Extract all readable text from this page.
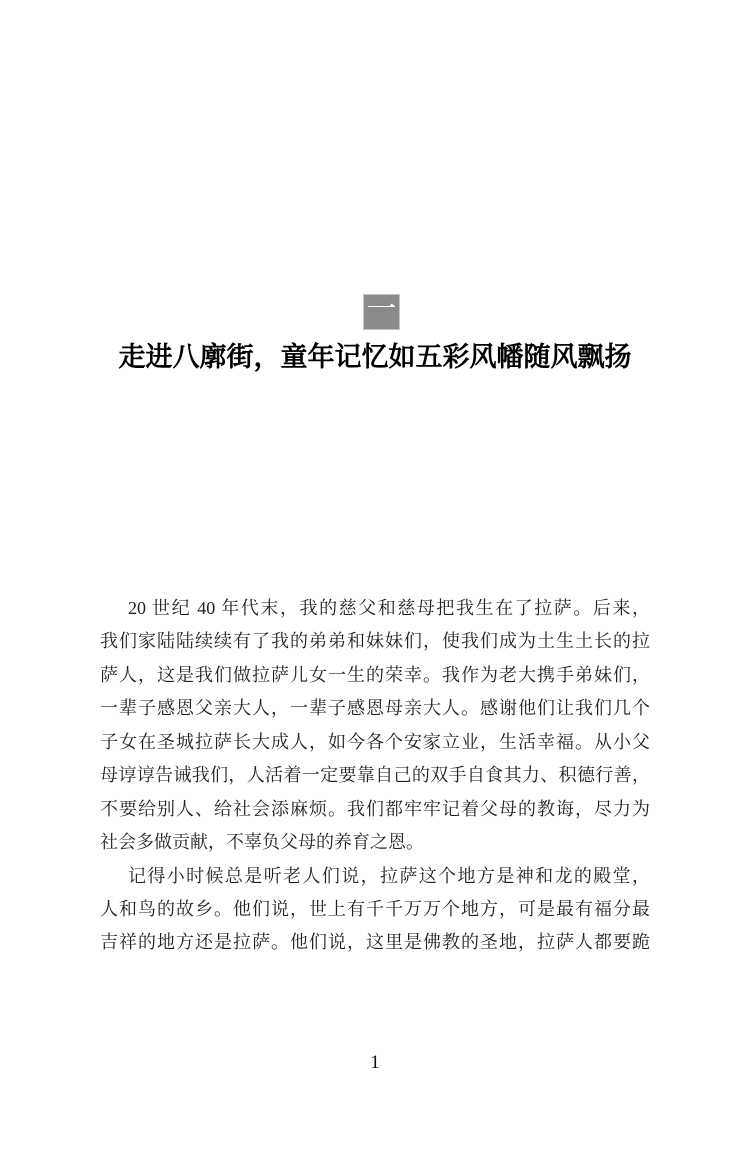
一
走进八廓街，童年记忆如五彩风幡随风飘扬
20 世纪 40 年代末，我的慈父和慈母把我生在了拉萨。后来，
我们家陆陆续续有了我的弟弟和妹妹们，使我们成为土生土长的拉
萨人，这是我们做拉萨儿女一生的荣幸。我作为老大携手弟妹们，
一辈子感恩父亲大人，一辈子感恩母亲大人。感谢他们让我们几个
子女在圣城拉萨长大成人，如今各个安家立业，生活幸福。从小父
母谆谆告诫我们，人活着一定要靠自己的双手自食其力、积德行善，
不要给别人、给社会添麻烦。我们都牢牢记着父母的教诲，尽力为
社会多做贡献，不辜负父母的养育之恩。
记得小时候总是听老人们说，拉萨这个地方是神和龙的殿堂，
人和鸟的故乡。他们说，世上有千千万万个地方，可是最有福分最
吉祥的地方还是拉萨。他们说，这里是佛教的圣地，拉萨人都要跪
1
